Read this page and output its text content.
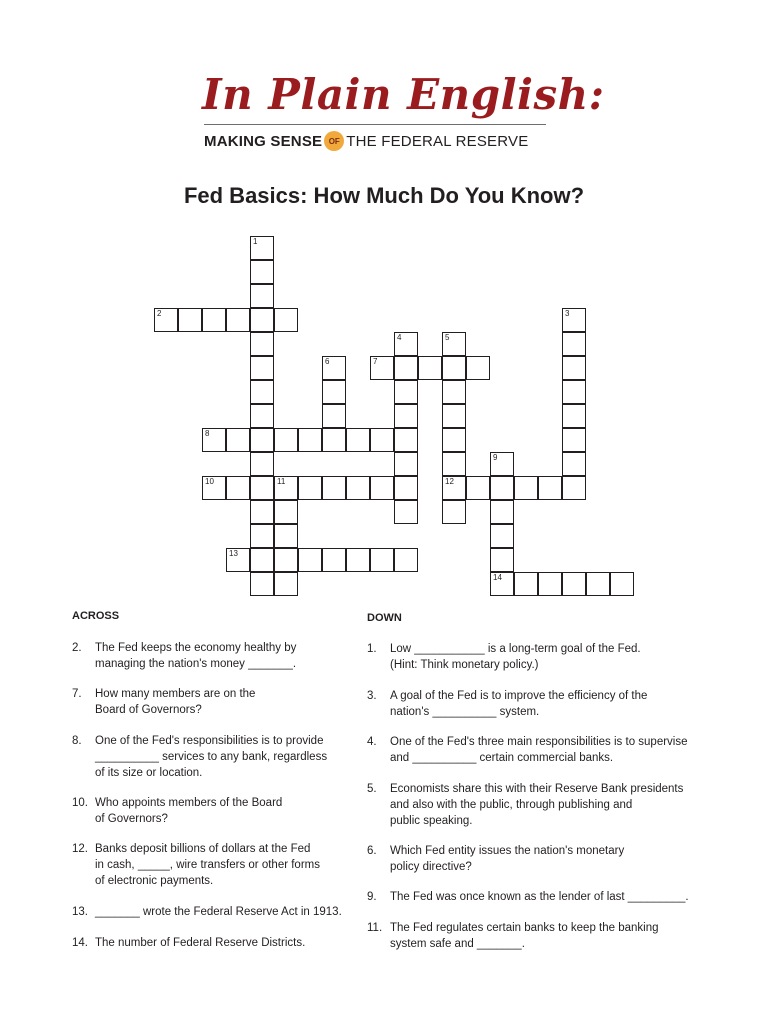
In Plain English:
MAKING SENSE OF THE FEDERAL RESERVE
Fed Basics: How Much Do You Know?
2
7
8
10	11	12
13
14
1
3
4	5
6
9
ACROSS	DOWN
2.	The Fed keeps the economy healthy by
managing the nation's money _______.
7.	How many members are on the
Board of Governors?
8.	One of the Fed's responsibilities is to provide
__________ services to any bank, regardless
of its size or location.
10. Who appoints members of the Board
of Governors?
12. Banks deposit billions of dollars at the Fed
in cash, _____, wire transfers or other forms
of electronic payments.
13. _______ wrote the Federal Reserve Act in 1913.
14. The number of Federal Reserve Districts.
1.	Low ___________ is a long-term goal of the Fed.
(Hint: Think monetary policy.)
3.	A goal of the Fed is to improve the efficiency of the
nation's __________ system.
4.	One of the Fed's three main responsibilities is to supervise
and __________ certain commercial banks.
5.	Economists share this with their Reserve Bank presidents
and also with the public, through publishing and
public speaking.
6.	Which Fed entity issues the nation's monetary
policy directive?
9.	The Fed was once known as the lender of last _________.
11. The Fed regulates certain banks to keep the banking
system safe and _______.
